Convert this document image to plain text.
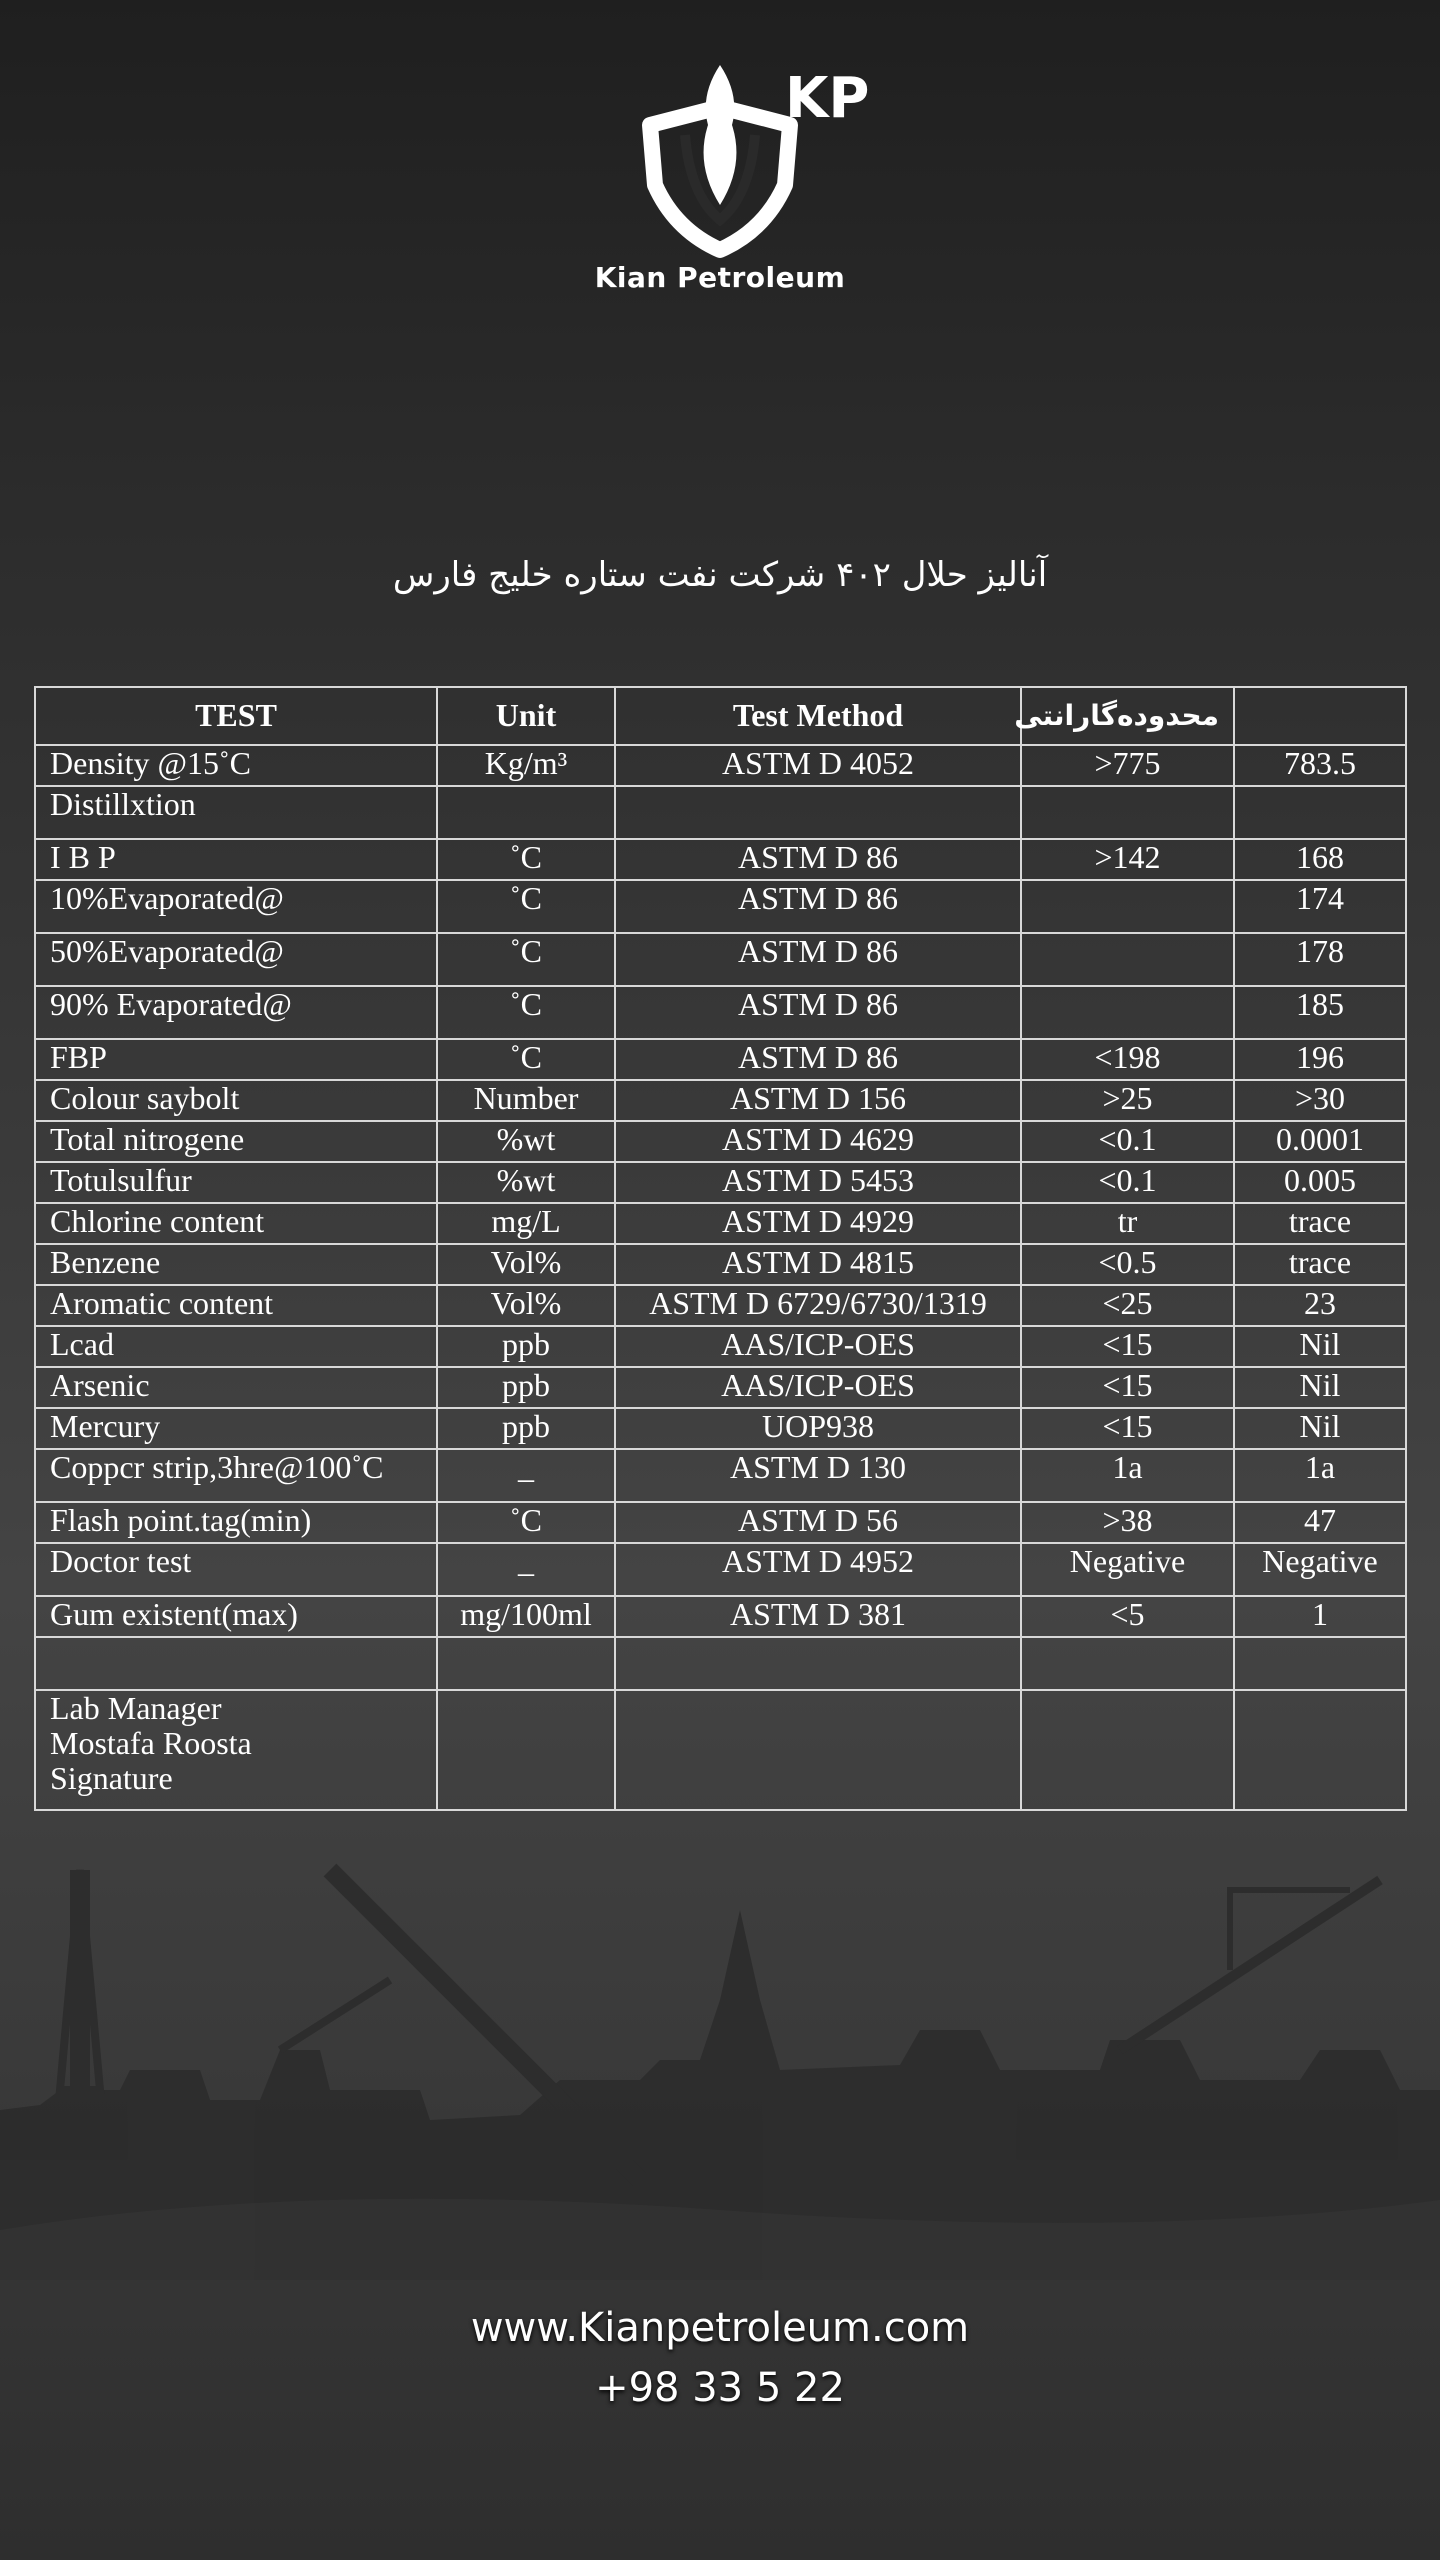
KP
Kian Petroleum
آنالیز حلال ۴۰۲ شرکت نفت ستاره خلیج فارس
TEST	Unit	Test Method	محدوده‌گارانتی	
Density @15˚C	Kg/m³	ASTM D 4052	>775	783.5
Distillxtion				
I B P	˚C	ASTM D 86	>142	168
10%Evaporated@	˚C	ASTM D 86		174
50%Evaporated@	˚C	ASTM D 86		178
90% Evaporated@	˚C	ASTM D 86		185
FBP	˚C	ASTM D 86	<198	196
Colour saybolt	Number	ASTM D 156	>25	>30
Total nitrogene	%wt	ASTM D 4629	<0.1	0.0001
Totulsulfur	%wt	ASTM D 5453	<0.1	0.005
Chlorine content	mg/L	ASTM D 4929	tr	trace
Benzene	Vol%	ASTM D 4815	<0.5	trace
Aromatic content	Vol%	ASTM D 6729/6730/1319	<25	23
Lcad	ppb	AAS/ICP-OES	<15	Nil
Arsenic	ppb	AAS/ICP-OES	<15	Nil
Mercury	ppb	UOP938	<15	Nil
Coppcr strip,3hre@100˚C	_	ASTM D 130	1a	1a
Flash point.tag(min)	˚C	ASTM D 56	>38	47
Doctor test	_	ASTM D 4952	Negative	Negative
Gum existent(max)	mg/100ml	ASTM D 381	<5	1

Lab Manager
Mostafa Roosta
Signature				

www.Kianpetroleum.com
+98 33 5 22
